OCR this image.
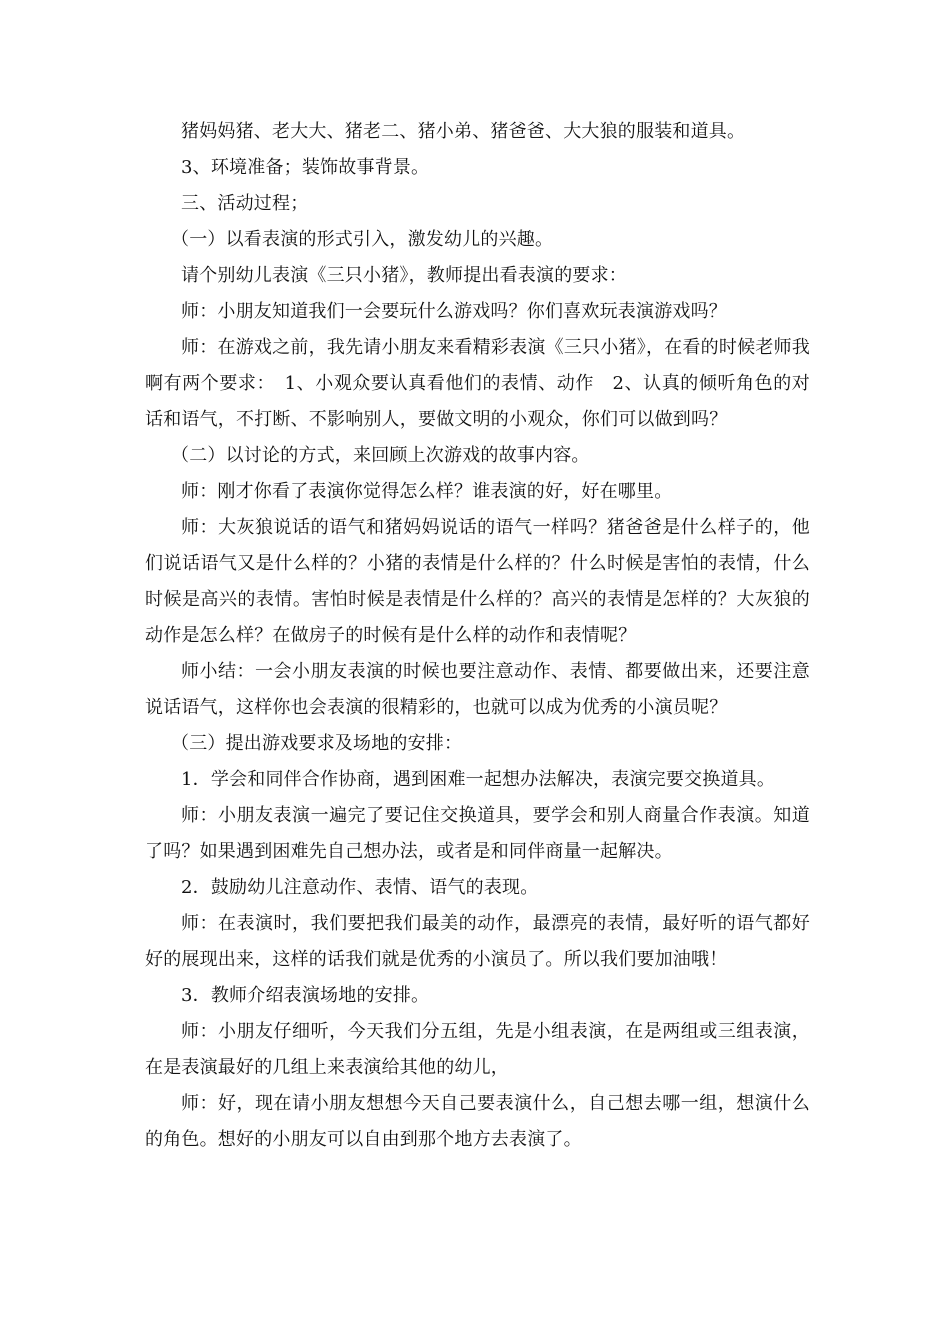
猪妈妈猪、老大大、猪老二、猪小弟、猪爸爸、大大狼的服装和道具。

3、环境准备；装饰故事背景。

三、活动过程；

（一）以看表演的形式引入，激发幼儿的兴趣。

请个别幼儿表演《三只小猪》，教师提出看表演的要求：

师：小朋友知道我们一会要玩什么游戏吗？你们喜欢玩表演游戏吗？

师：在游戏之前，我先请小朋友来看精彩表演《三只小猪》，在看的时候老师我啊有两个要求：　1、小观众要认真看他们的表情、动作　2、认真的倾听角色的对话和语气，不打断、不影响别人，要做文明的小观众，你们可以做到吗？

（二）以讨论的方式，来回顾上次游戏的故事内容。

师：刚才你看了表演你觉得怎么样？谁表演的好，好在哪里。

师：大灰狼说话的语气和猪妈妈说话的语气一样吗？猪爸爸是什么样子的，他们说话语气又是什么样的？小猪的表情是什么样的？什么时候是害怕的表情，什么时候是高兴的表情。害怕时候是表情是什么样的？高兴的表情是怎样的？大灰狼的动作是怎么样？在做房子的时候有是什么样的动作和表情呢？

师小结：一会小朋友表演的时候也要注意动作、表情、都要做出来，还要注意说话语气，这样你也会表演的很精彩的，也就可以成为优秀的小演员呢？

（三）提出游戏要求及场地的安排：

1．学会和同伴合作协商，遇到困难一起想办法解决，表演完要交换道具。

师：小朋友表演一遍完了要记住交换道具，要学会和别人商量合作表演。知道了吗？如果遇到困难先自己想办法，或者是和同伴商量一起解决。

2．鼓励幼儿注意动作、表情、语气的表现。

师：在表演时，我们要把我们最美的动作，最漂亮的表情，最好听的语气都好好的展现出来，这样的话我们就是优秀的小演员了。所以我们要加油哦！

3．教师介绍表演场地的安排。

师：小朋友仔细听，今天我们分五组，先是小组表演，在是两组或三组表演，在是表演最好的几组上来表演给其他的幼儿，

师：好，现在请小朋友想想今天自己要表演什么，自己想去哪一组，想演什么的角色。想好的小朋友可以自由到那个地方去表演了。
